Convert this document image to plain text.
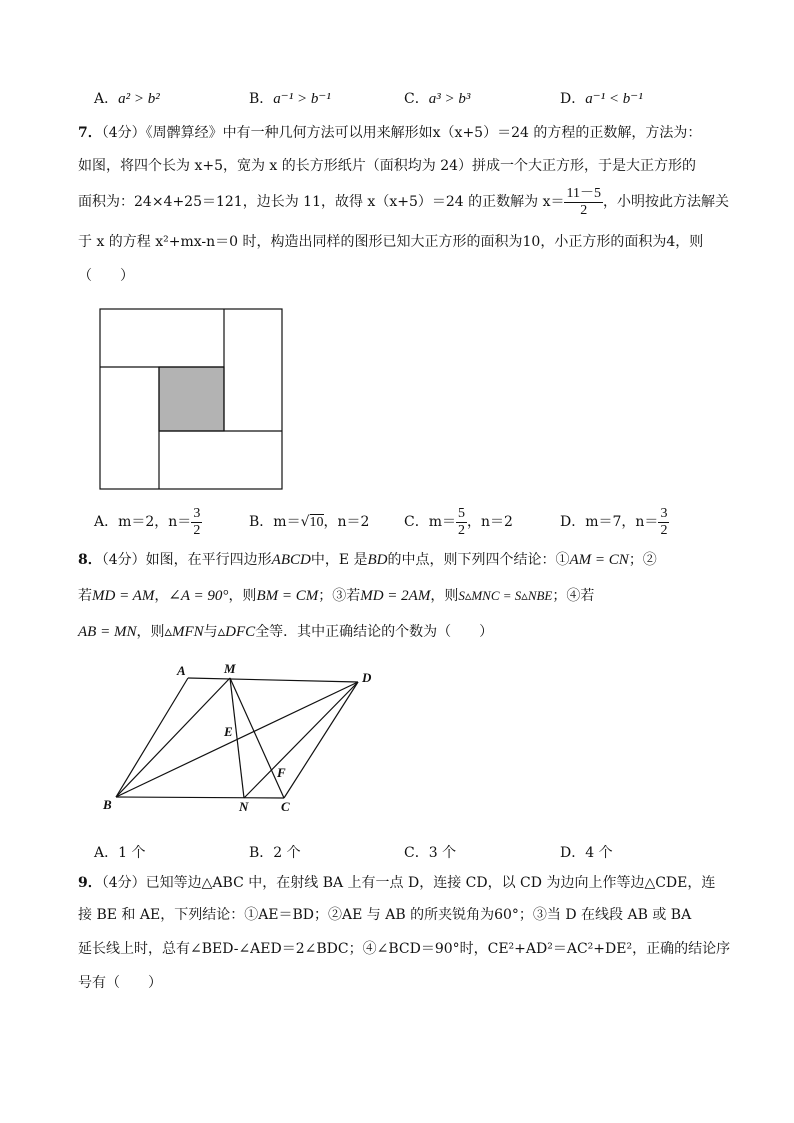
A．a² > b²	B．a⁻¹ > b⁻¹	C．a³ > b³	D．a⁻¹ < b⁻¹
7．（4分）《周髀算经》中有一种几何方法可以用来解形如x（x+5）＝24 的方程的正数解，方法为：
如图，将四个长为 x+5，宽为 x 的长方形纸片（面积均为 24）拼成一个大正方形，于是大正方形的
面积为：24×4+25＝121，边长为 11，故得 x（x+5）＝24 的正数解为 $x= \frac{11-5}{2}$ ，小明按此方法解关
于 x 的方程 x²+mx-n＝0 时，构造出同样的图形已知大正方形的面积为10，小正方形的面积为4，则
（　　）
A．m＝2，$n= \frac{3}{2}$	B．m＝√10，n＝2 C．$m= \frac{5}{2}$ ，n＝2	D．m＝7，$n= \frac{3}{2}$
8．（4分）如图，在平行四边形ABCD中，E 是BD的中点，则下列四个结论：①AM = CN；②
若MD = AM，∠A = 90°，则BM = CM；③若MD = 2AM，则S▵MNC = S▵NBE；④若
AB = MN，则▵MFN与▵DFC全等．其中正确结论的个数为（　　）
A	M
D
E
F
B	N	C
A．1 个	B．2 个	C．3 个	D．4 个
9．（4分）已知等边△ABC 中，在射线 BA 上有一点 D，连接 CD，以 CD 为边向上作等边△CDE，连
接 BE 和 AE，下列结论：①AE＝BD；②AE 与 AB 的所夹锐角为60°；③当 D 在线段 AB 或 BA
延长线上时，总有∠BED-∠AED＝2∠BDC；④∠BCD＝90°时，CE²+AD²＝AC²+DE²，正确的结论序
号有（　　）
